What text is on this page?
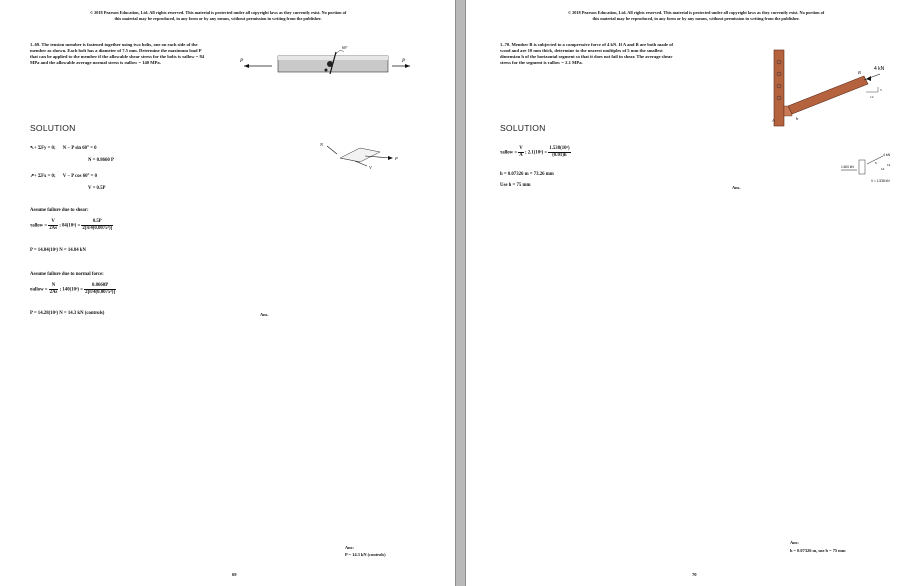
© 2018 Pearson Education, Ltd. All rights reserved. This material is protected under all copyright laws as they currently exist. No portion of
this material may be reproduced, in any form or by any means, without permission in writing from the publisher.
1–69. The tension member is fastened together using two bolts, one on each side of the member as shown. Each bolt has a diameter of 7.5 mm. Determine the maximum load P that can be applied to the member if the allowable shear stress for the bolts is τallow = 84 MPa and the allowable average normal stress is σallow = 140 MPa.	P
60°
P
SOLUTION
P
N
V
↖+ ΣFy = 0; N − P sin 60° = 0
N = 0.8660 P
↗+ ΣFx = 0; V − P cos 60° = 0
V = 0.5P
Assume failure due to shear:
τallow = $\frac{V}{2As}$ ; $84(10^6) = \frac{0.5P}{\text{2[π/4(0.0075²)]}}$
P = 14.84(10³) N = 14.84 kN
Assume failure due to normal force:
σallow = $\frac{N}{2As}$ ; $140(10^6) = \frac{0.8660P}{\text{2[π/4(0.0075²)]}}$
P = 14.28(10³) N = 14.3 kN (controls)	Ans.
Ans:
P = 14.3 kN (controls)
69
© 2018 Pearson Education, Ltd. All rights reserved. This material is protected under all copyright laws as they currently exist. No portion of
this material may be reproduced, in any form or by any means, without permission in writing from the publisher.
1–70. Member B is subjected to a compressive force of 4 kN. If A and B are both made of wood and are 10 mm thick, determine to the nearest multiples of 5 mm the smallest dimension h of the horizontal segment so that it does not fail in shear. The average shear stress for the segment is τallow = 2.1 MPa.
4 kN
B
h
A
12
5
SOLUTION
τallow = $\frac{V}{A}$ ; $2.1(10^6) = \frac{\text{1.538(10³)}}{(0.01)h}$
h = 0.07326 m = 73.26 mm
Use h = 75 mm	Ans.
4 kN
1.600 kN
V = 1.538 kN
5
12
13
Ans:
h = 0.07326 m, use h = 75 mm
70
